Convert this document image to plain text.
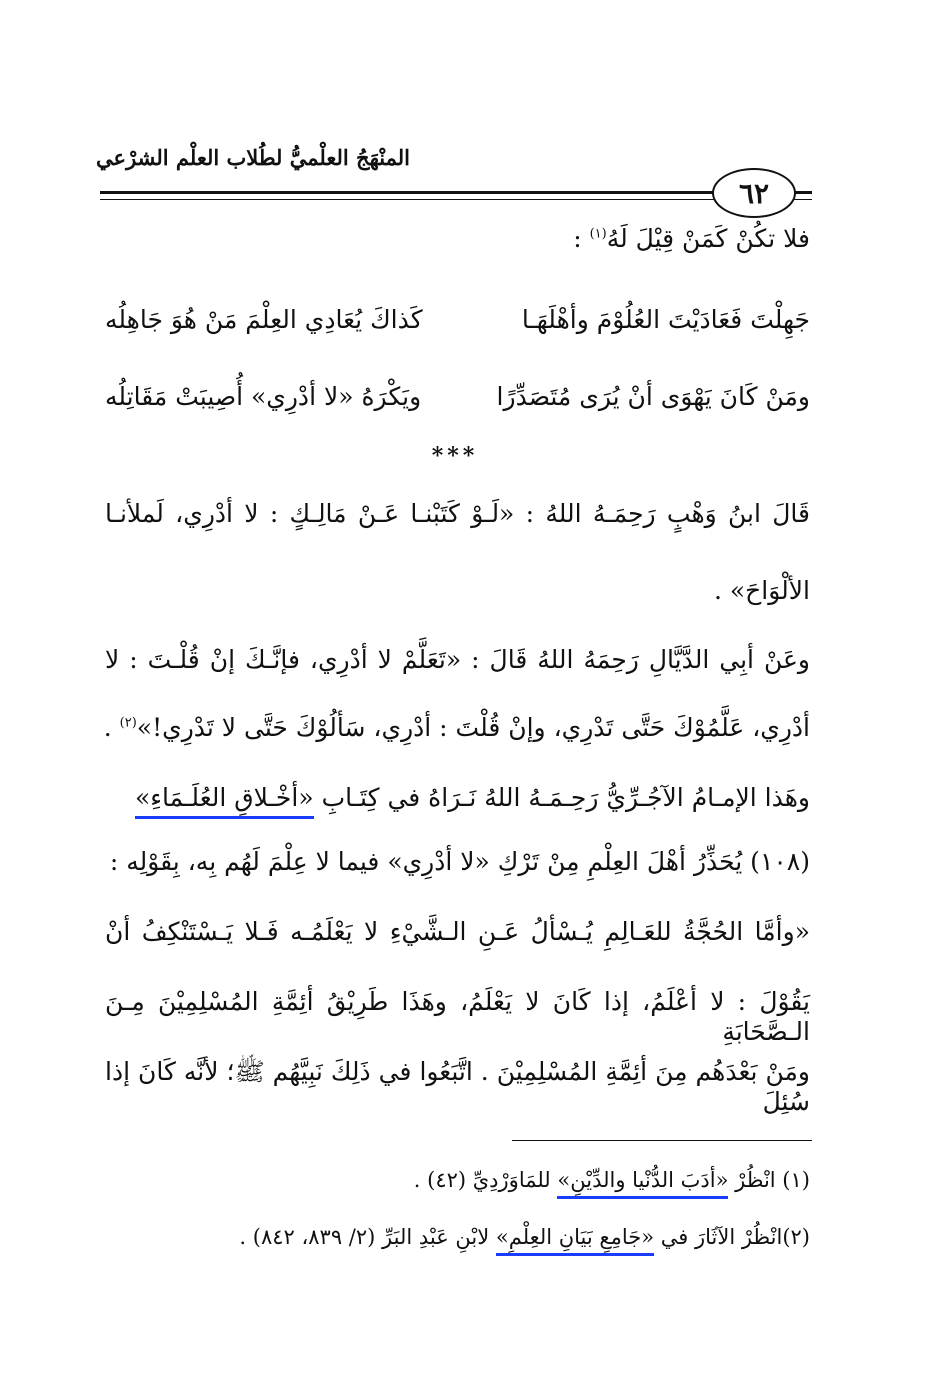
المنْهَجُ العلْميُّ لطُلاب العلْم الشرْعي
٦٢
فلا تكُنْ كَمَنْ قِيْلَ لَهُ$^{(١)}$ :
جَهِلْتَ فَعَادَيْتَ العُلُوْمَ وأهْلَهَـا
كَذاكَ يُعَادِي العِلْمَ مَنْ هُوَ جَاهِلُه
ومَنْ كَانَ يَهْوَى أنْ يُرَى مُتَصَدِّرًا
ويَكْرَهُ «لا أدْرِي» أُصِيبَتْ مَقَاتِلُه
***
قَالَ ابنُ وَهْبٍ رَحِمَـهُ اللهُ : «لَـوْ كَتَبْنـا عَـنْ مَالِـكٍ : لا أدْرِي، لَملأنـا
الألْوَاحَ» .
وعَنْ أبِي الدَّيَّالِ رَحِمَهُ اللهُ قَالَ : «تَعَلَّمْ لا أدْرِي، فإنَّـكَ إنْ قُلْـتَ : لا
أدْرِي، عَلَّمُوْكَ حَتَّى تَدْرِي، وإنْ قُلْتَ : أدْرِي، سَألُوْكَ حَتَّى لا تَدْرِي!»$^{(٢)}$ .
وهَذا الإمـامُ الآجُـرِّيُّ رَحِـمَـهُ اللهُ نَـرَاهُ في كِتَـابِ «أخْـلاقِ العُلَـمَاءِ»
(١٠٨) يُحَذِّرُ أهْلَ العِلْمِ مِنْ تَرْكِ «لا أدْرِي» فيما لا عِلْمَ لَهُم بِه، بِقَوْلِه :
«وأمَّا الحُجَّةُ للعَـالِمِ يُـسْألُ عَـنِ الـشَّيْءِ لا يَعْلَمُـه فَـلا يَـسْتَنْكِفُ أنْ
يَقُوْلَ : لا أعْلَمُ، إذا كَانَ لا يَعْلَمُ، وهَذَا طَرِيْقُ أئِمَّةِ المُسْلِمِيْنَ مِـنَ الـصَّحَابَةِ
ومَنْ بَعْدَهُم مِنَ أئِمَّةِ المُسْلِمِيْنَ . اتَّبَعُوا في ذَلِكَ نَبِيَّهُم ﷺ؛ لأنَّه كَانَ إذا سُئِلَ
(١) انْظُرْ «أدَبَ الدُّنْيا والدِّيْنِ» للمَاوَرْدِيِّ (٤٢) .
(٢)انْظُرْ الآثَارَ في «جَامِعِ بَيَانِ العِلْمِ» لابْنِ عَبْدِ البَرِّ (٢/ ٨٣٩، ٨٤٢) .
